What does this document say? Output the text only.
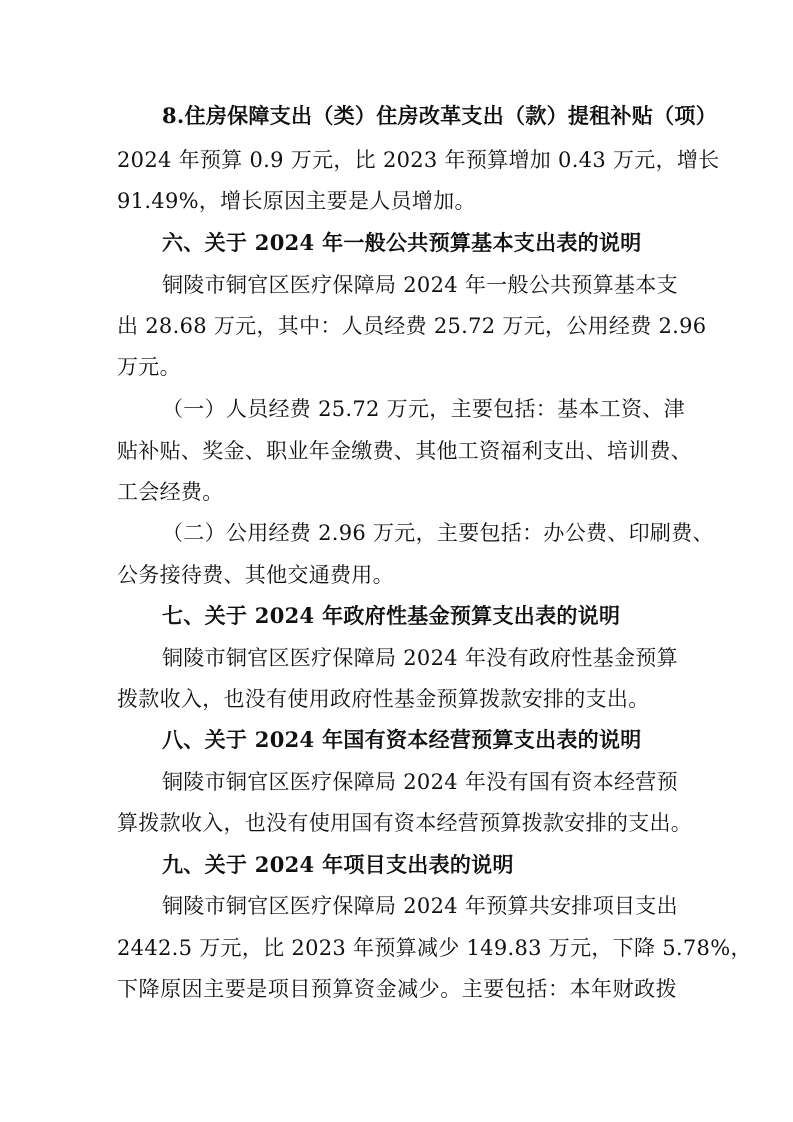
8.住房保障支出（类）住房改革支出（款）提租补贴（项）
2024 年预算 0.9 万元，比 2023 年预算增加 0.43 万元，增长
91.49%，增长原因主要是人员增加。
六、关于 2024 年一般公共预算基本支出表的说明
铜陵市铜官区医疗保障局 2024 年一般公共预算基本支
出 28.68 万元，其中：人员经费 25.72 万元，公用经费 2.96
万元。
（一）人员经费 25.72 万元，主要包括：基本工资、津
贴补贴、奖金、职业年金缴费、其他工资福利支出、培训费、
工会经费。
（二）公用经费 2.96 万元，主要包括：办公费、印刷费、
公务接待费、其他交通费用。
七、关于 2024 年政府性基金预算支出表的说明
铜陵市铜官区医疗保障局 2024 年没有政府性基金预算
拨款收入，也没有使用政府性基金预算拨款安排的支出。
八、关于 2024 年国有资本经营预算支出表的说明
铜陵市铜官区医疗保障局 2024 年没有国有资本经营预
算拨款收入，也没有使用国有资本经营预算拨款安排的支出。
九、关于 2024 年项目支出表的说明
铜陵市铜官区医疗保障局 2024 年预算共安排项目支出
2442.5 万元，比 2023 年预算减少 149.83 万元，下降 5.78%，
下降原因主要是项目预算资金减少。主要包括：本年财政拨
